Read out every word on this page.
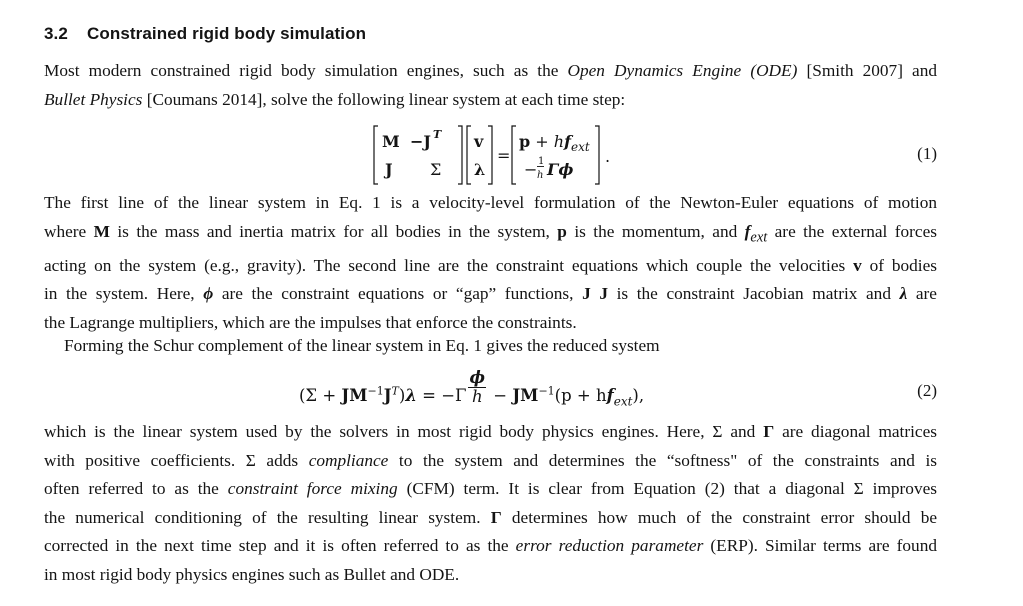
3.2 Constrained rigid body simulation

Most modern constrained rigid body simulation engines, such as the Open Dynamics Engine (ODE) [Smith 2007] and
Bullet Physics [Coumans 2014], solve the following linear system at each time step:

M −J T
J Σ
v
λ
=
$p + hf_{ext}$
− 1
h Γϕ
.	(1)

The first line of the linear system in Eq. 1 is a velocity-level formulation of the Newton-Euler equations of motion
where M is the mass and inertia matrix for all bodies in the system, p is the momentum, and $f_{ext}$ are the external forces
acting on the system (e.g., gravity). The second line are the constraint equations which couple the velocities v of bodies
in the system. Here, ϕ are the constraint equations or “gap” functions, J J is the constraint Jacobian matrix and λ are
the Lagrange multipliers, which are the impulses that enforce the constraints.

Forming the Schur complement of the linear system in Eq. 1 gives the reduced system

$(\Sigma + JM^{-1}J^T)\lambda = -\Gamma \frac{\phi}{h} - JM^{-1}(p + hf_{ext})$,	(2)

which is the linear system used by the solvers in most rigid body physics engines. Here, Σ and Γ are diagonal matrices
with positive coefficients. Σ adds compliance to the system and determines the “softness" of the constraints and is
often referred to as the constraint force mixing (CFM) term. It is clear from Equation (2) that a diagonal Σ improves
the numerical conditioning of the resulting linear system. Γ determines how much of the constraint error should be
corrected in the next time step and it is often referred to as the error reduction parameter (ERP). Similar terms are found
in most rigid body physics engines such as Bullet and ODE.
